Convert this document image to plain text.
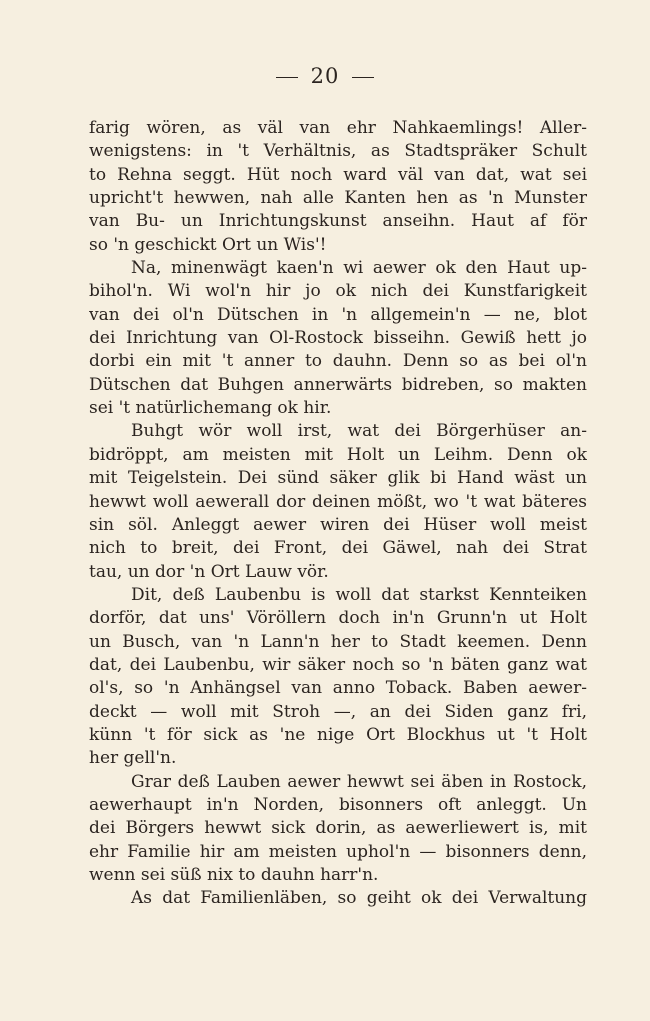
20
farig wören, as väl van ehr Nahkaemlings! Aller-
wenigstens: in 't Verhältnis, as Stadtspräker Schult
to Rehna seggt. Hüt noch ward väl van dat, wat sei
upricht't hewwen, nah alle Kanten hen as 'n Munster
van Bu- un Inrichtungskunst anseihn. Haut af för
so 'n geschickt Ort un Wis'!
Na, minenwägt kaen'n wi aewer ok den Haut up-
bihol'n. Wi wol'n hir jo ok nich dei Kunstfarigkeit
van dei ol'n Dütschen in 'n allgemein'n — ne, blot
dei Inrichtung van Ol-Rostock bisseihn. Gewiß hett jo
dorbi ein mit 't anner to dauhn. Denn so as bei ol'n
Dütschen dat Buhgen annerwärts bidreben, so makten
sei 't natürlichemang ok hir.
Buhgt wör woll irst, wat dei Börgerhüser an-
bidröppt, am meisten mit Holt un Leihm. Denn ok
mit Teigelstein. Dei sünd säker glik bi Hand wäst un
hewwt woll aewerall dor deinen mößt, wo 't wat bäteres
sin söl. Anleggt aewer wiren dei Hüser woll meist
nich to breit, dei Front, dei Gäwel, nah dei Strat
tau, un dor 'n Ort Lauw vör.
Dit, deß Laubenbu is woll dat starkst Kennteiken
dorför, dat uns' Vöröllern doch in'n Grunn'n ut Holt
un Busch, van 'n Lann'n her to Stadt keemen. Denn
dat, dei Laubenbu, wir säker noch so 'n bäten ganz wat
ol's, so 'n Anhängsel van anno Toback. Baben aewer-
deckt — woll mit Stroh —, an dei Siden ganz fri,
künn 't för sick as 'ne nige Ort Blockhus ut 't Holt
her gell'n.
Grar deß Lauben aewer hewwt sei äben in Rostock,
aewerhaupt in'n Norden, bisonners oft anleggt. Un
dei Börgers hewwt sick dorin, as aewerliewert is, mit
ehr Familie hir am meisten uphol'n — bisonners denn,
wenn sei süß nix to dauhn harr'n.
As dat Familienläben, so geiht ok dei Verwaltung
